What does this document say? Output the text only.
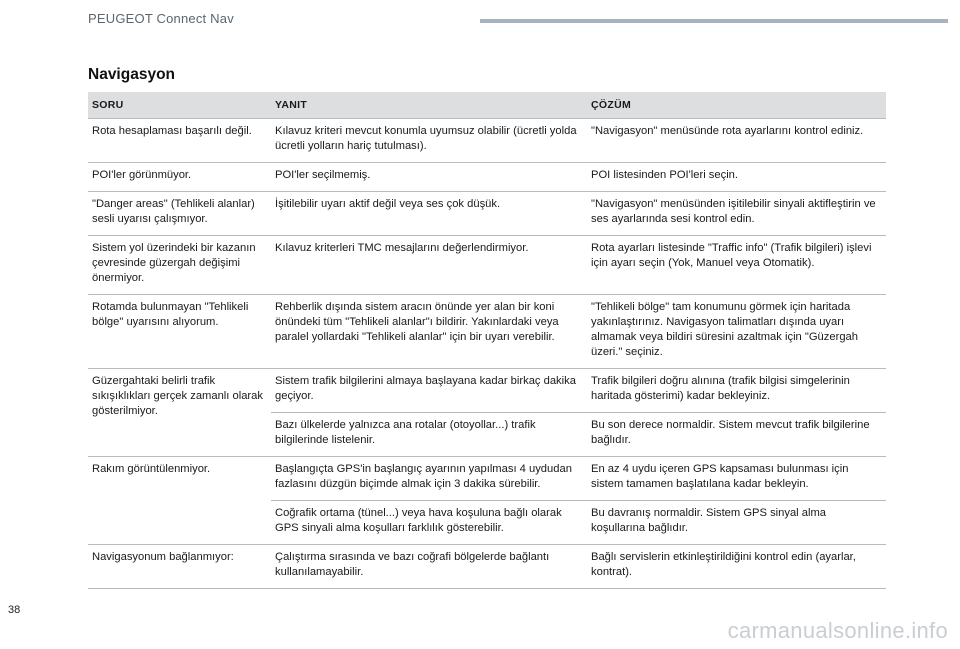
PEUGEOT Connect Nav
Navigasyon
SORU	YANIT	ÇÖZÜM
Rota hesaplaması başarılı değil.	Kılavuz kriteri mevcut konumla uyumsuz olabilir (ücretli yolda ücretli yolların hariç tutulması).	"Navigasyon" menüsünde rota ayarlarını kontrol ediniz.
POI'ler görünmüyor.	POI'ler seçilmemiş.	POI listesinden POI'leri seçin.
"Danger areas" (Tehlikeli alanlar) sesli uyarısı çalışmıyor.	İşitilebilir uyarı aktif değil veya ses çok düşük.	"Navigasyon" menüsünden işitilebilir sinyali aktifleştirin ve ses ayarlarında sesi kontrol edin.
Sistem yol üzerindeki bir kazanın çevresinde güzergah değişimi önermiyor.	Kılavuz kriterleri TMC mesajlarını değerlendirmiyor.	Rota ayarları listesinde "Traffic info" (Trafik bilgileri) işlevi için ayarı seçin (Yok, Manuel veya Otomatik).
Rotamda bulunmayan "Tehlikeli bölge" uyarısını alıyorum.	Rehberlik dışında sistem aracın önünde yer alan bir koni önündeki tüm "Tehlikeli alanlar"ı bildirir. Yakınlardaki veya paralel yollardaki "Tehlikeli alanlar" için bir uyarı verebilir.	"Tehlikeli bölge" tam konumunu görmek için haritada yakınlaştırınız. Navigasyon talimatları dışında uyarı almamak veya bildiri süresini azaltmak için "Güzergah üzeri." seçiniz.
Güzergahtaki belirli trafik sıkışıklıkları gerçek zamanlı olarak gösterilmiyor.	Sistem trafik bilgilerini almaya başlayana kadar birkaç dakika geçiyor.	Trafik bilgileri doğru alınına (trafik bilgisi simgelerinin haritada gösterimi) kadar bekleyiniz.
	Bazı ülkelerde yalnızca ana rotalar (otoyollar...) trafik bilgilerinde listelenir.	Bu son derece normaldir. Sistem mevcut trafik bilgilerine bağlıdır.
Rakım görüntülenmiyor.	Başlangıçta GPS'in başlangıç ayarının yapılması 4 uydudan fazlasını düzgün biçimde almak için 3 dakika sürebilir.	En az 4 uydu içeren GPS kapsaması bulunması için sistem tamamen başlatılana kadar bekleyin.
	Coğrafik ortama (tünel...) veya hava koşuluna bağlı olarak GPS sinyali alma koşulları farklılık gösterebilir.	Bu davranış normaldir. Sistem GPS sinyal alma koşullarına bağlıdır.
Navigasyonum bağlanmıyor:	Çalıştırma sırasında ve bazı coğrafi bölgelerde bağlantı kullanılamayabilir.	Bağlı servislerin etkinleştirildiğini kontrol edin (ayarlar, kontrat).
38
carmanualsonline.info
